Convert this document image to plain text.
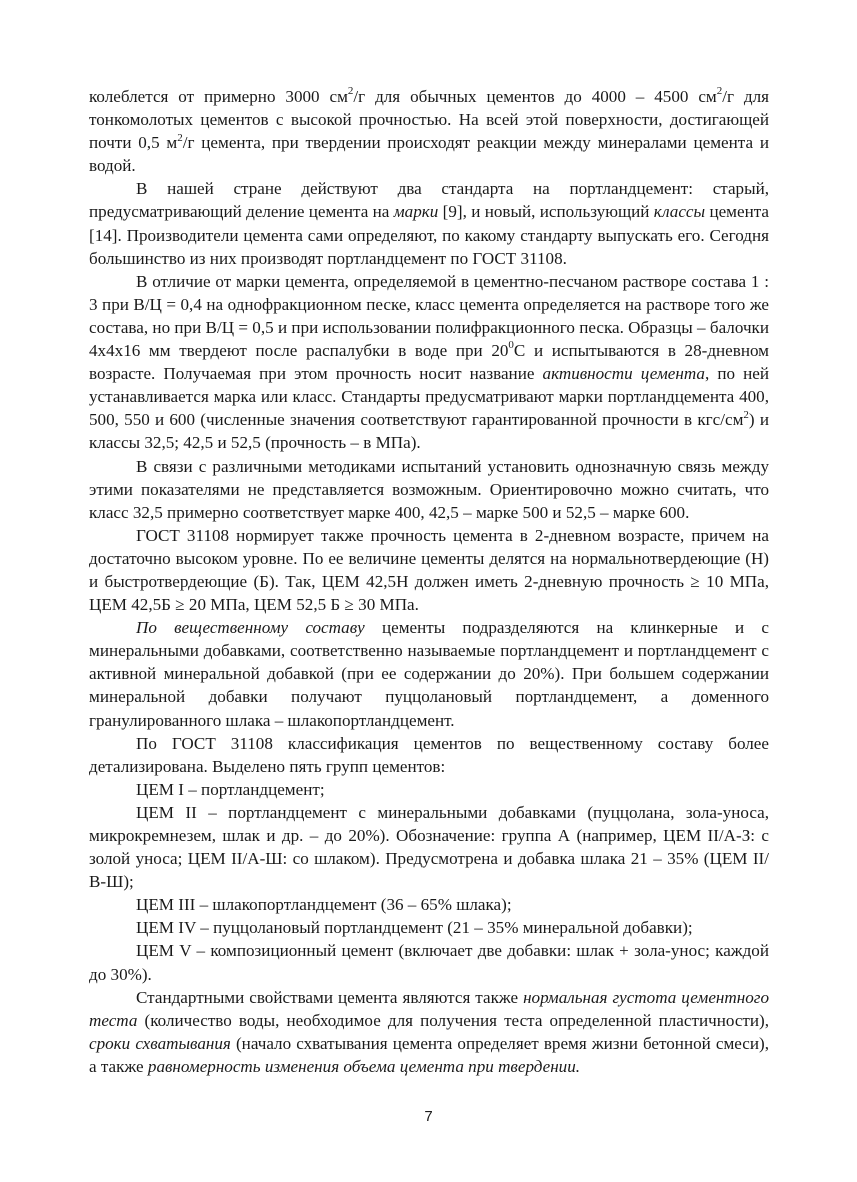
колеблется от примерно 3000 $см^2/г$ для обычных цементов до 4000 – 4500 $см^2/г$ для тонкомолотых цементов с высокой прочностью. На всей этой поверхности, достигающей почти 0,5 $м^2/г$ цемента, при твердении происходят реакции между минералами цемента и водой.

В нашей стране действуют два стандарта на портландцемент: старый, предусматривающий деление цемента на марки [9], и новый, использующий классы цемента [14]. Производители цемента сами определяют, по какому стандарту выпускать его. Сегодня большинство из них производят портландцемент по ГОСТ 31108.

В отличие от марки цемента, определяемой в цементно-песчаном растворе состава 1 : 3 при В/Ц = 0,4 на однофракционном песке, класс цемента определяется на растворе того же состава, но при В/Ц = 0,5 и при использовании полифракционного песка. Образцы – балочки 4х4х16 мм твердеют после распалубки в воде при $20^0С$ и испытываются в 28-дневном возрасте. Получаемая при этом прочность носит название активности цемента, по ней устанавливается марка или класс. Стандарты предусматривают марки портландцемента 400, 500, 550 и 600 (численные значения соответствуют гарантированной прочности в кгс/$см^2$) и классы 32,5; 42,5 и 52,5 (прочность – в МПа).

В связи с различными методиками испытаний установить однозначную связь между этими показателями не представляется возможным. Ориентировочно можно считать, что класс 32,5 примерно соответствует марке 400, 42,5 – марке 500 и 52,5 – марке 600.

ГОСТ 31108 нормирует также прочность цемента в 2-дневном возрасте, причем на достаточно высоком уровне. По ее величине цементы делятся на нормальнотвердеющие (Н) и быстротвердеющие (Б). Так, ЦЕМ 42,5Н должен иметь 2-дневную прочность ≥ 10 МПа, ЦЕМ 42,5Б ≥ 20 МПа, ЦЕМ 52,5 Б ≥ 30 МПа.

По вещественному составу цементы подразделяются на клинкерные и с минеральными добавками, соответственно называемые портландцемент и портландцемент с активной минеральной добавкой (при ее содержании до 20%). При большем содержании минеральной добавки получают пуццолановый портландцемент, а доменного гранулированного шлака – шлакопортландцемент.

По ГОСТ 31108 классификация цементов по вещественному составу более детализирована. Выделено пять групп цементов:

ЦЕМ I – портландцемент;

ЦЕМ II – портландцемент с минеральными добавками (пуццолана, зола-уноса, микрокремнезем, шлак и др. – до 20%). Обозначение: группа А (например, ЦЕМ II/А-З: с золой уноса; ЦЕМ II/А-Ш: со шлаком). Предусмотрена и добавка шлака 21 – 35% (ЦЕМ II/В-Ш);

ЦЕМ III – шлакопортландцемент (36 – 65% шлака);

ЦЕМ IV – пуццолановый портландцемент (21 – 35% минеральной добавки);

ЦЕМ V – композиционный цемент (включает две добавки: шлак + зола-унос; каждой до 30%).

Стандартными свойствами цемента являются также нормальная густота цементного теста (количество воды, необходимое для получения теста определенной пластичности), сроки схватывания (начало схватывания цемента определяет время жизни бетонной смеси), а также равномерность изменения объема цемента при твердении.

7
